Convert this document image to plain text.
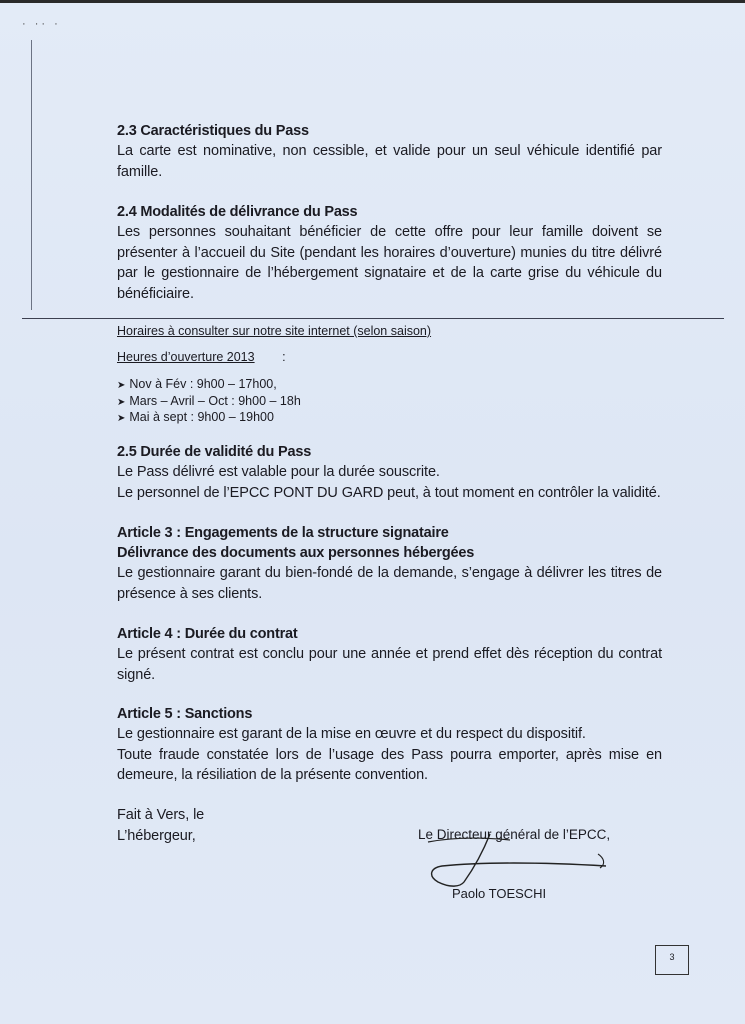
· ·· ·

2.3 Caractéristiques du Pass

La carte est nominative, non cessible, et valide pour un seul véhicule identifié par famille.

2.4 Modalités de délivrance du Pass

Les personnes souhaitant bénéficier de cette offre pour leur famille doivent se présenter à l’accueil du Site (pendant les horaires d’ouverture) munies du titre délivré par le gestionnaire de l’hébergement signataire et de la carte grise du véhicule du bénéficiaire.

Horaires à consulter sur notre site internet (selon saison)

Heures d’ouverture 2013 :

➤ Nov à Fév : 9h00 – 17h00,
➤ Mars – Avril – Oct : 9h00 – 18h
➤ Mai à sept : 9h00 – 19h00

2.5 Durée de validité du Pass

Le Pass délivré est valable pour la durée souscrite.

Le personnel de l’EPCC PONT DU GARD peut, à tout moment en contrôler la validité.

Article 3 : Engagements de la structure signataire

Délivrance des documents aux personnes hébergées

Le gestionnaire garant du bien-fondé de la demande, s’engage à délivrer les titres de présence à ses clients.

Article 4 : Durée du contrat

Le présent contrat est conclu pour une année et prend effet dès réception du contrat signé.

Article 5 : Sanctions

Le gestionnaire est garant de la mise en œuvre et du respect du dispositif.

Toute fraude constatée lors de l’usage des Pass pourra emporter, après mise en demeure, la résiliation de la présente convention.

Fait à Vers, le

L’hébergeur,	Le Directeur général de l’EPCC,
Paolo TOESCHI
3
